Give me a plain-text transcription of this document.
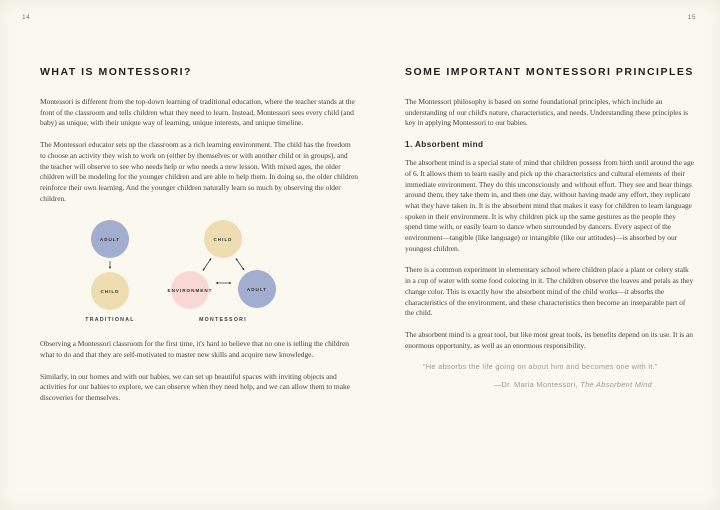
14
WHAT IS MONTESSORI?

Montessori is different from the top-down learning of traditional education, where the teacher stands at the front of the classroom and tells children what they need to learn. Instead, Montessori sees every child (and baby) as unique, with their unique way of learning, unique interests, and unique timeline.

The Montessori educator sets up the classroom as a rich learning environment. The child has the freedom to choose an activity they wish to work on (either by themselves or with another child or in groups), and the teacher will observe to see who needs help or who needs a new lesson. With mixed ages, the older children will be modeling for the younger children and are able to help them. In doing so, the older children reinforce their own learning. And the younger children naturally learn so much by observing the older children.

ADULT
CHILD
TRADITIONAL
CHILD
ENVIRONMENT	ADULT
MONTESSORI

Observing a Montessori classroom for the first time, it's hard to believe that no one is telling the children what to do and that they are self-motivated to master new skills and acquire new knowledge.

Similarly, in our homes and with our babies, we can set up beautiful spaces with inviting objects and activities for our babies to explore, we can observe when they need help, and we can allow them to make discoveries for themselves.

15
SOME IMPORTANT MONTESSORI PRINCIPLES

The Montessori philosophy is based on some foundational principles, which include an understanding of our child's nature, characteristics, and needs. Understanding these principles is key in applying Montessori to our babies.

1. Absorbent mind

The absorbent mind is a special state of mind that children possess from birth until around the age of 6. It allows them to learn easily and pick up the characteristics and cultural elements of their immediate environment. They do this unconsciously and without effort. They see and hear things around them, they take them in, and then one day, without having made any effort, they replicate what they have taken in. It is the absorbent mind that makes it easy for children to learn language spoken in their environment. It is why children pick up the same gestures as the people they spend time with, or easily learn to dance when surrounded by dancers. Every aspect of the environment—tangible (like language) or intangible (like our attitudes)—is absorbed by our youngest children.

There is a common experiment in elementary school where children place a plant or celery stalk in a cup of water with some food coloring in it. The children observe the leaves and petals as they change color. This is exactly how the absorbent mind of the child works—it absorbs the characteristics of the environment, and these characteristics then become an inseparable part of the child.

The absorbent mind is a great tool, but like most great tools, its benefits depend on its use. It is an enormous opportunity, as well as an enormous responsibility.

“He absorbs the life going on about him and becomes one with it.”
—Dr. Maria Montessori, The Absorbent Mind
